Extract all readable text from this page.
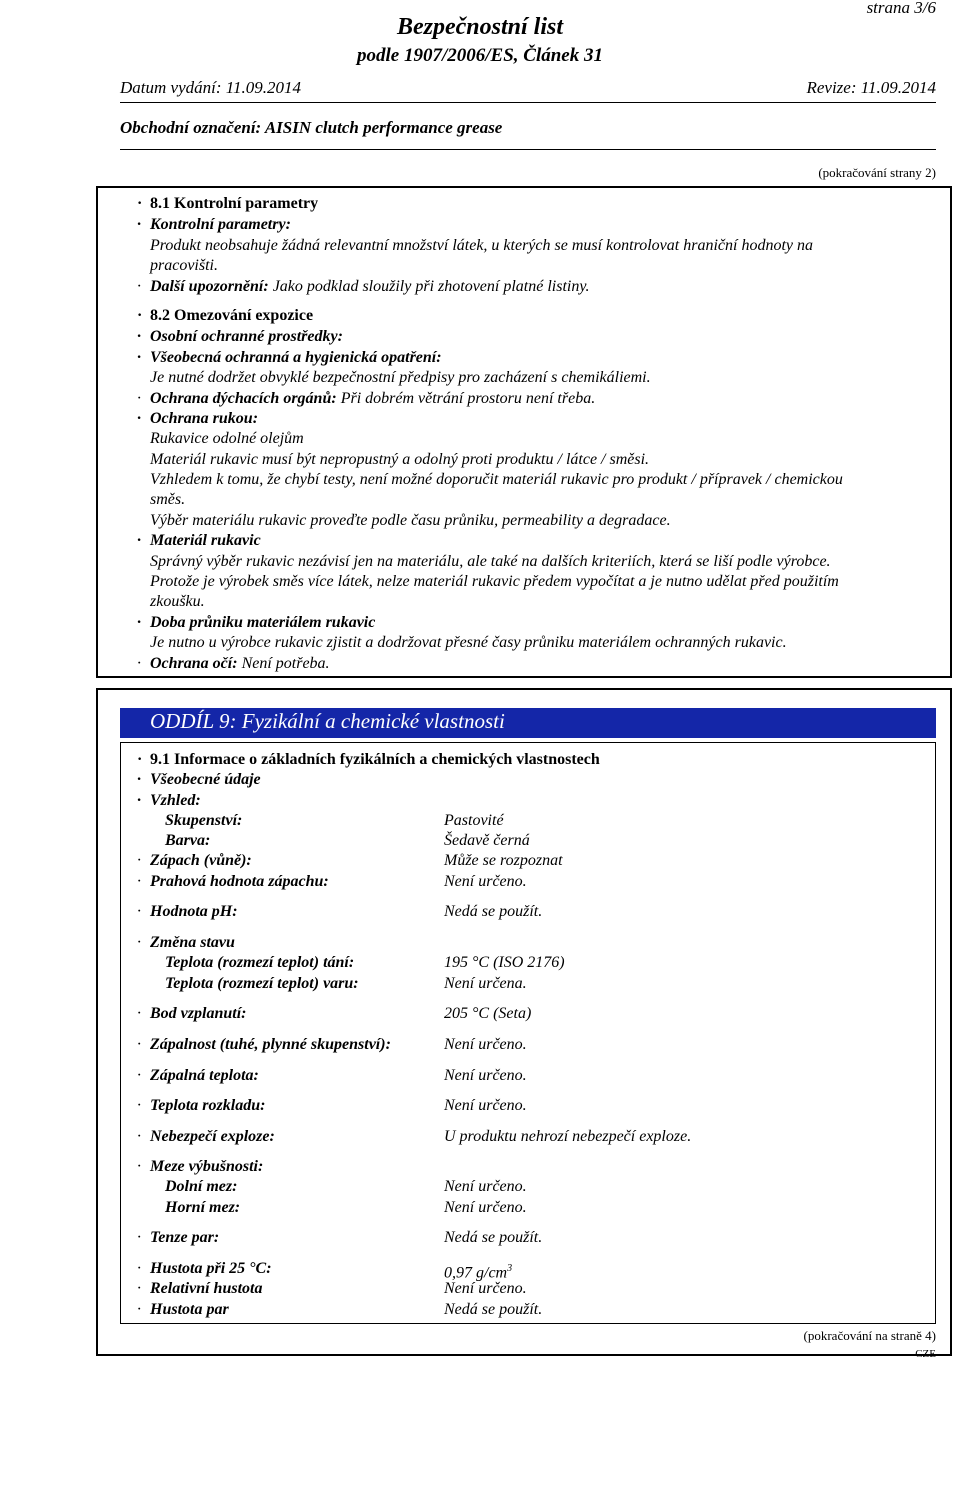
strana 3/6
Bezpečnostní list
podle 1907/2006/ES, Článek 31
Datum vydání: 11.09.2014	Revize: 11.09.2014
Obchodní označení: AISIN clutch performance grease
(pokračování strany 2)
· 8.1 Kontrolní parametry
· Kontrolní parametry:
Produkt neobsahuje žádná relevantní množství látek, u kterých se musí kontrolovat hraniční hodnoty na
pracovišti.
· Další upozornění: Jako podklad sloužily při zhotovení platné listiny.
· 8.2 Omezování expozice
· Osobní ochranné prostředky:
· Všeobecná ochranná a hygienická opatření:
Je nutné dodržet obvyklé bezpečnostní předpisy pro zacházení s chemikáliemi.
· Ochrana dýchacích orgánů: Při dobrém větrání prostoru není třeba.
· Ochrana rukou:
Rukavice odolné olejům
Materiál rukavic musí být nepropustný a odolný proti produktu / látce / směsi.
Vzhledem k tomu, že chybí testy, není možné doporučit materiál rukavic pro produkt / přípravek / chemickou
směs.
Výběr materiálu rukavic proveďte podle času průniku, permeability a degradace.
· Materiál rukavic
Správný výběr rukavic nezávisí jen na materiálu, ale také na dalších kriteriích, která se liší podle výrobce.
Protože je výrobek směs více látek, nelze materiál rukavic předem vypočítat a je nutno udělat před použitím
zkoušku.
· Doba průniku materiálem rukavic
Je nutno u výrobce rukavic zjistit a dodržovat přesné časy průniku materiálem ochranných rukavic.
· Ochrana očí: Není potřeba.
ODDÍL 9: Fyzikální a chemické vlastnosti
· 9.1 Informace o základních fyzikálních a chemických vlastnostech
· Všeobecné údaje
· Vzhled:
Skupenství:	Pastovité
Barva:	Šedavě černá
· Zápach (vůně):	Může se rozpoznat
· Prahová hodnota zápachu:	Není určeno.
· Hodnota pH:	Nedá se použít.
· Změna stavu
Teplota (rozmezí teplot) tání:	195 °C (ISO 2176)
Teplota (rozmezí teplot) varu:	Není určena.
· Bod vzplanutí:	205 °C (Seta)
· Zápalnost (tuhé, plynné skupenství):	Není určeno.
· Zápalná teplota:	Není určeno.
· Teplota rozkladu:	Není určeno.
· Nebezpečí exploze:	U produktu nehrozí nebezpečí exploze.
· Meze výbušnosti:
Dolní mez:	Není určeno.
Horní mez:	Není určeno.
· Tenze par:	Nedá se použít.
· Hustota při 25 °C:	0,97 $g/cm^3$
· Relativní hustota	Není určeno.
· Hustota par	Nedá se použít.
(pokračování na straně 4)
CZE
